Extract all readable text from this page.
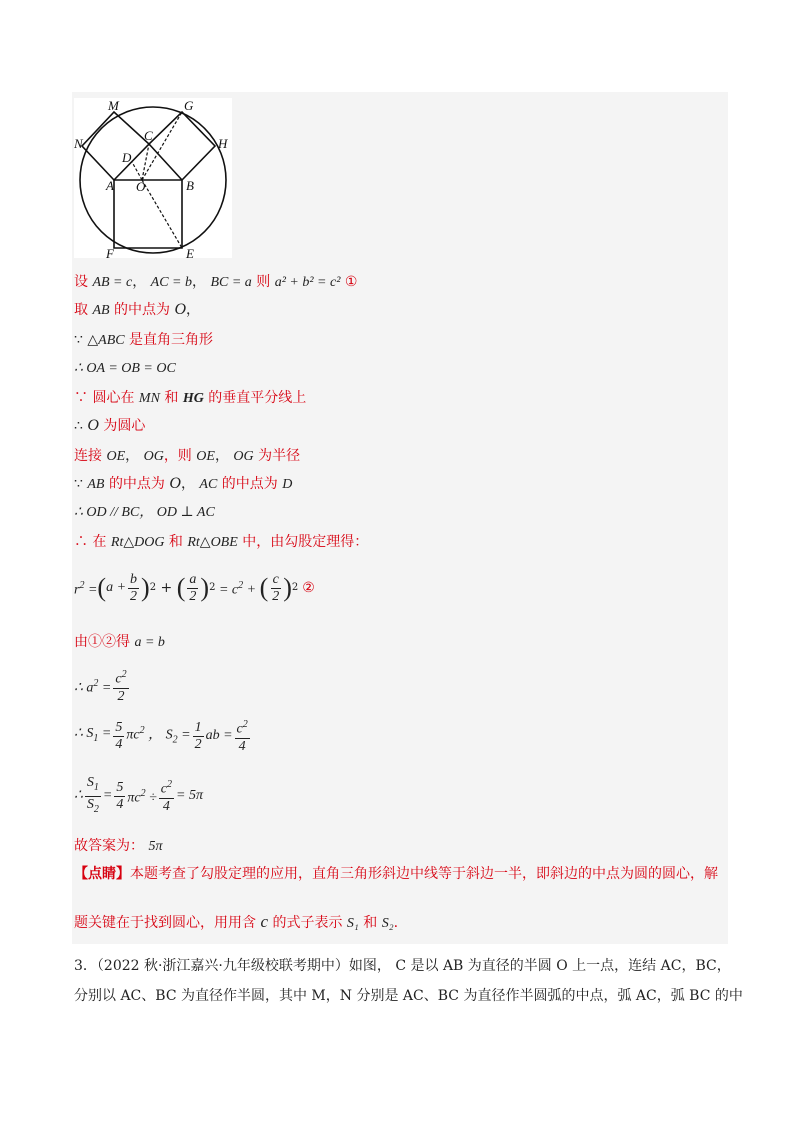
M	G
N
C
H
D
A O	B
F	E
设 AB = c， AC = b， BC = a 则 a² + b² = c² ①
取 AB 的中点为 O，
∵ △ABC 是直角三角形
∴ OA = OB = OC
∵ 圆心在 MN 和 HG 的垂直平分线上
∴ O 为圆心
连接 OE， OG，则 OE， OG 为半径
∵ AB 的中点为 O， AC 的中点为 D
∴ OD // BC， OD ⊥ AC
∴ 在 Rt△DOG 和 Rt△OBE 中，由勾股定理得：
$r^2$ = ( $a + \frac{b}{2}$ ) 2 + ( $\frac{a}{2}$ ) $2 = c^2$ + ( $\frac{c}{2}$ ) 2 ②
由①②得 a = b
∴ $a^2 = \frac{c^2}{2}$
∴ $S_1 = \frac{5}{4} \pi c^2$ ， $S_2 = \frac{1}{2}$ ab = $\frac{c^2}{4}$
∴ $\frac{S_1}{S_2} = \frac{5}{4} \pi c^2 \div \frac{c^2}{4} = 5\pi$
故答案为： 5π
【点睛】本题考查了勾股定理的应用，直角三角形斜边中线等于斜边一半，即斜边的中点为圆的圆心，解
题关键在于找到圆心，用用含 c 的式子表示 S₁ 和 S₂.
3．（2022 秋·浙江嘉兴·九年级校联考期中）如图， C 是以 AB 为直径的半圆 O 上一点，连结 AC，BC，
分别以 AC、BC 为直径作半圆，其中 M，N 分别是 AC、BC 为直径作半圆弧的中点，弧 AC，弧 BC 的中
